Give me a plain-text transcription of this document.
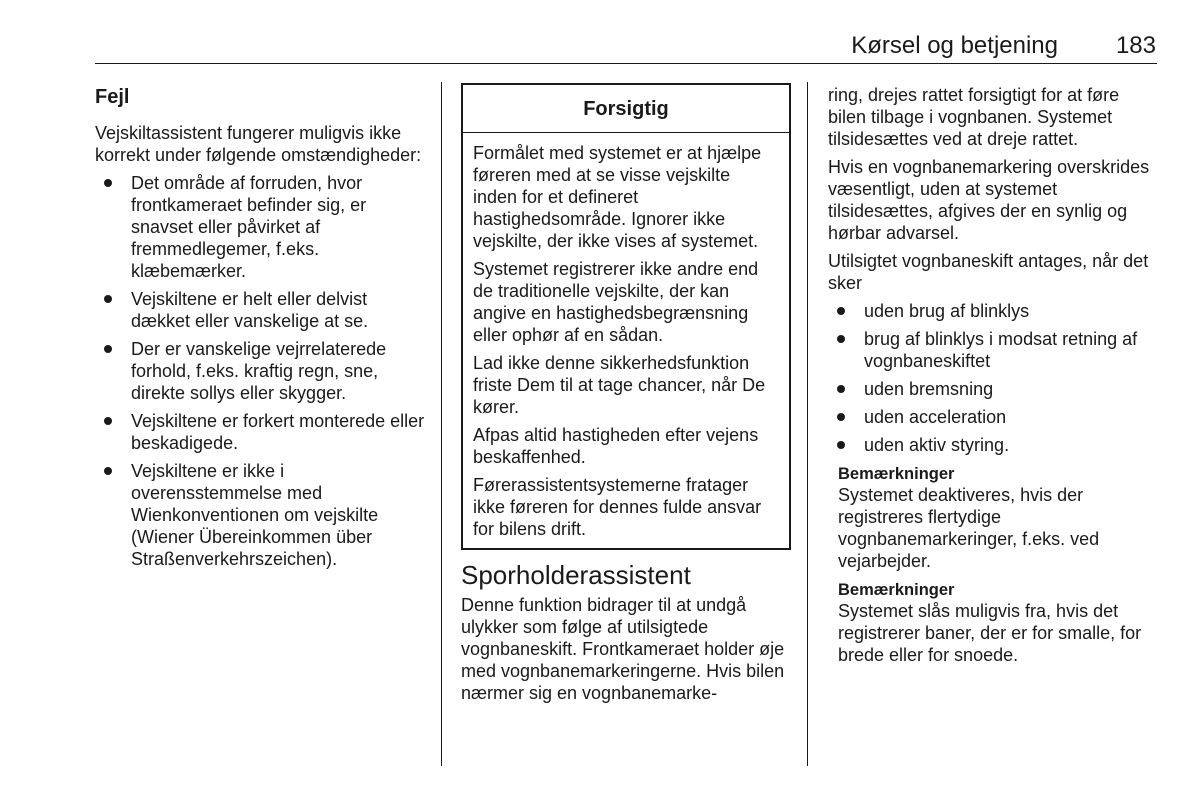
Kørsel og betjening 183
Fejl

Vejskiltassistent fungerer muligvis ikke korrekt under følgende omstændigheder:

Det område af forruden, hvor frontkameraet befinder sig, er snavset eller påvirket af fremmedlegemer, f.eks. klæbemærker.
Vejskiltene er helt eller delvist dækket eller vanskelige at se.
Der er vanskelige vejrrelaterede forhold, f.eks. kraftig regn, sne, direkte sollys eller skygger.
Vejskiltene er forkert monterede eller beskadigede.
Vejskiltene er ikke i overensstemmelse med Wienkonventionen om vejskilte (Wiener Übereinkommen über Straßenverkehrszeichen).
Forsigtig

Formålet med systemet er at hjælpe føreren med at se visse vejskilte inden for et defineret hastighedsområde. Ignorer ikke vejskilte, der ikke vises af systemet.

Systemet registrerer ikke andre end de traditionelle vejskilte, der kan angive en hastighedsbegrænsning eller ophør af en sådan.

Lad ikke denne sikkerhedsfunktion friste Dem til at tage chancer, når De kører.

Afpas altid hastigheden efter vejens beskaffenhed.

Førerassistentsystemerne fratager ikke føreren for dennes fulde ansvar for bilens drift.

Sporholderassistent

Denne funktion bidrager til at undgå ulykker som følge af utilsigtede vognbaneskift. Frontkameraet holder øje med vognbanemarkeringerne. Hvis bilen nærmer sig en vognbanemarke-

ring, drejes rattet forsigtigt for at føre bilen tilbage i vognbanen. Systemet tilsidesættes ved at dreje rattet.

Hvis en vognbanemarkering overskrides væsentligt, uden at systemet tilsidesættes, afgives der en synlig og hørbar advarsel.

Utilsigtet vognbaneskift antages, når det sker

uden brug af blinklys
brug af blinklys i modsat retning af vognbaneskiftet
uden bremsning
uden acceleration
uden aktiv styring.
Bemærkninger
Systemet deaktiveres, hvis der registreres flertydige vognbanemarkeringer, f.eks. ved vejarbejder.
Bemærkninger
Systemet slås muligvis fra, hvis det registrerer baner, der er for smalle, for brede eller for snoede.
